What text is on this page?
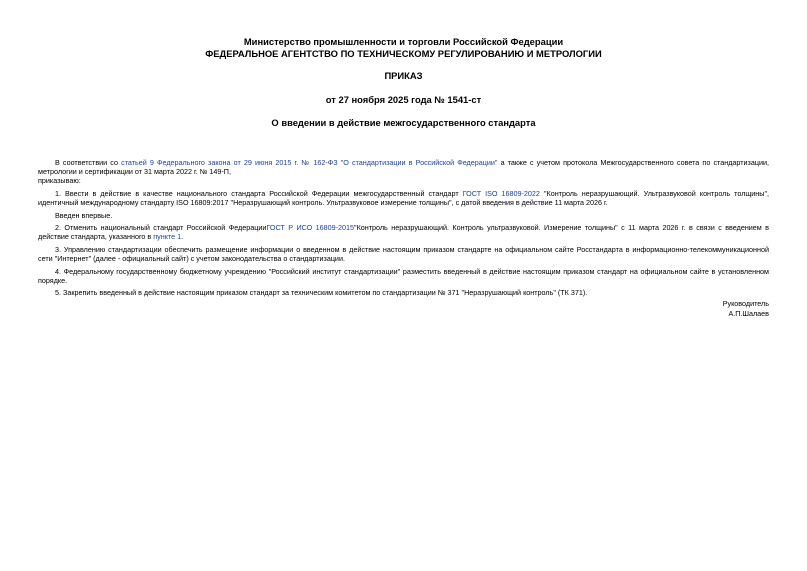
Министерство промышленности и торговли Российской Федерации

ФЕДЕРАЛЬНОЕ АГЕНТСТВО ПО ТЕХНИЧЕСКОМУ РЕГУЛИРОВАНИЮ И МЕТРОЛОГИИ

ПРИКАЗ

от 27 ноября 2025 года № 1541-ст

О введении в действие межгосударственного стандарта

В соответствии со статьей 9 Федерального закона от 29 июня 2015 г. № 162-ФЗ "О стандартизации в Российской Федерации" а также с учетом протокола Межгосударственного совета по стандартизации, метрологии и сертификации от 31 марта 2022 г. № 149-П,

приказываю:

1. Ввести в действие в качестве национального стандарта Российской Федерации межгосударственный стандарт ГОСТ ISO 16809-2022 "Контроль неразрушающий. Ультразвуковой контроль толщины", идентичный международному стандарту ISO 16809:2017 "Неразрушающий контроль. Ультразвуковое измерение толщины", с датой введения в действие 11 марта 2026 г.

Введен впервые.

2. Отменить национальный стандарт Российской ФедерацииГОСТ Р ИСО 16809-2015"Контроль неразрушающий. Контроль ультразвуковой. Измерение толщины" с 11 марта 2026 г. в связи с введением в действие стандарта, указанного в пункте 1.

3. Управлению стандартизации обеспечить размещение информации о введенном в действие настоящим приказом стандарте на официальном сайте Росстандарта в информационно-телекоммуникационной сети "Интернет" (далее - официальный сайт) с учетом законодательства о стандартизации.

4. Федеральному государственному бюджетному учреждению "Российский институт стандартизации" разместить введенный в действие настоящим приказом стандарт на официальном сайте в установленном порядке.

5. Закрепить введенный в действие настоящим приказом стандарт за техническим комитетом по стандартизации № 371 "Неразрушающий контроль" (ТК 371).

Руководитель
А.П.Шалаев
